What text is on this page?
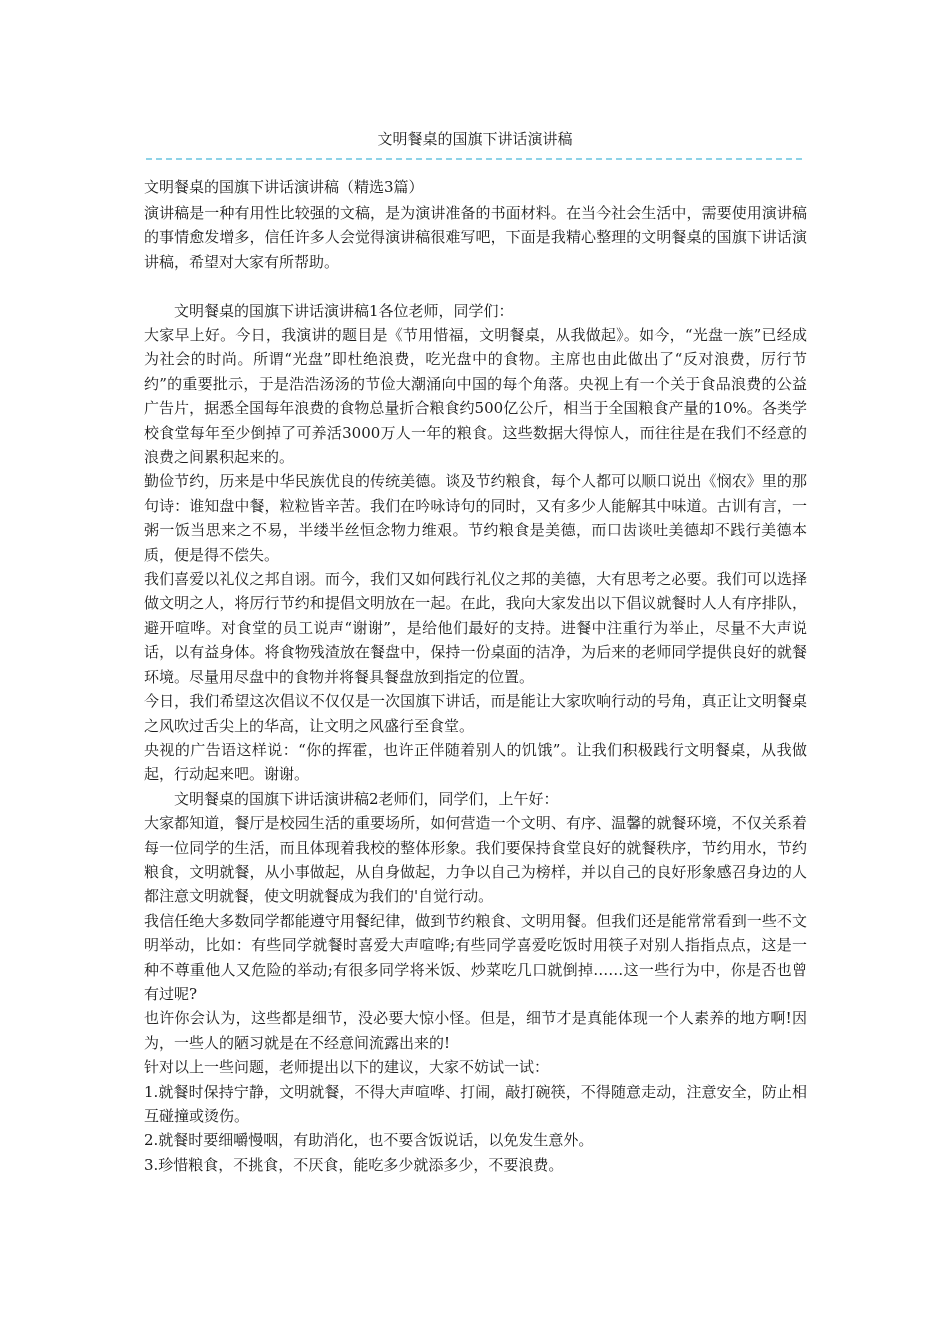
文明餐桌的国旗下讲话演讲稿

文明餐桌的国旗下讲话演讲稿（精选3篇）

演讲稿是一种有用性比较强的文稿，是为演讲准备的书面材料。在当今社会生活中，需要使用演讲稿的事情愈发增多，信任许多人会觉得演讲稿很难写吧，下面是我精心整理的文明餐桌的国旗下讲话演讲稿，希望对大家有所帮助。

文明餐桌的国旗下讲话演讲稿1各位老师，同学们：

大家早上好。今日，我演讲的题目是《节用惜福，文明餐桌，从我做起》。如今，“光盘一族”已经成为社会的时尚。所谓“光盘”即杜绝浪费，吃光盘中的食物。主席也由此做出了“反对浪费，厉行节约”的重要批示，于是浩浩汤汤的节俭大潮涌向中国的每个角落。央视上有一个关于食品浪费的公益广告片，据悉全国每年浪费的食物总量折合粮食约500亿公斤，相当于全国粮食产量的10%。各类学校食堂每年至少倒掉了可养活3000万人一年的粮食。这些数据大得惊人，而往往是在我们不经意的浪费之间累积起来的。

勤俭节约，历来是中华民族优良的传统美德。谈及节约粮食，每个人都可以顺口说出《悯农》里的那句诗：谁知盘中餐，粒粒皆辛苦。我们在吟咏诗句的同时，又有多少人能解其中味道。古训有言，一粥一饭当思来之不易，半缕半丝恒念物力维艰。节约粮食是美德，而口齿谈吐美德却不践行美德本质，便是得不偿失。

我们喜爱以礼仪之邦自诩。而今，我们又如何践行礼仪之邦的美德，大有思考之必要。我们可以选择做文明之人，将厉行节约和提倡文明放在一起。在此，我向大家发出以下倡议就餐时人人有序排队，避开喧哗。对食堂的员工说声“谢谢”，是给他们最好的支持。进餐中注重行为举止，尽量不大声说话，以有益身体。将食物残渣放在餐盘中，保持一份桌面的洁净，为后来的老师同学提供良好的就餐环境。尽量用尽盘中的食物并将餐具餐盘放到指定的位置。

今日，我们希望这次倡议不仅仅是一次国旗下讲话，而是能让大家吹响行动的号角，真正让文明餐桌之风吹过舌尖上的华高，让文明之风盛行至食堂。

央视的广告语这样说：“你的挥霍，也许正伴随着别人的饥饿”。让我们积极践行文明餐桌，从我做起，行动起来吧。谢谢。

文明餐桌的国旗下讲话演讲稿2老师们，同学们，上午好：

大家都知道，餐厅是校园生活的重要场所，如何营造一个文明、有序、温馨的就餐环境，不仅关系着每一位同学的生活，而且体现着我校的整体形象。我们要保持食堂良好的就餐秩序，节约用水，节约粮食，文明就餐，从小事做起，从自身做起，力争以自己为榜样，并以自己的良好形象感召身边的人都注意文明就餐，使文明就餐成为我们的'自觉行动。

我信任绝大多数同学都能遵守用餐纪律，做到节约粮食、文明用餐。但我们还是能常常看到一些不文明举动，比如：有些同学就餐时喜爱大声喧哗;有些同学喜爱吃饭时用筷子对别人指指点点，这是一种不尊重他人又危险的举动;有很多同学将米饭、炒菜吃几口就倒掉……这一些行为中，你是否也曾有过呢?

也许你会认为，这些都是细节，没必要大惊小怪。但是，细节才是真能体现一个人素养的地方啊!因为，一些人的陋习就是在不经意间流露出来的!

针对以上一些问题，老师提出以下的建议，大家不妨试一试：

1.就餐时保持宁静，文明就餐，不得大声喧哗、打闹，敲打碗筷，不得随意走动，注意安全，防止相互碰撞或烫伤。

2.就餐时要细嚼慢咽，有助消化，也不要含饭说话，以免发生意外。

3.珍惜粮食，不挑食，不厌食，能吃多少就添多少，不要浪费。
